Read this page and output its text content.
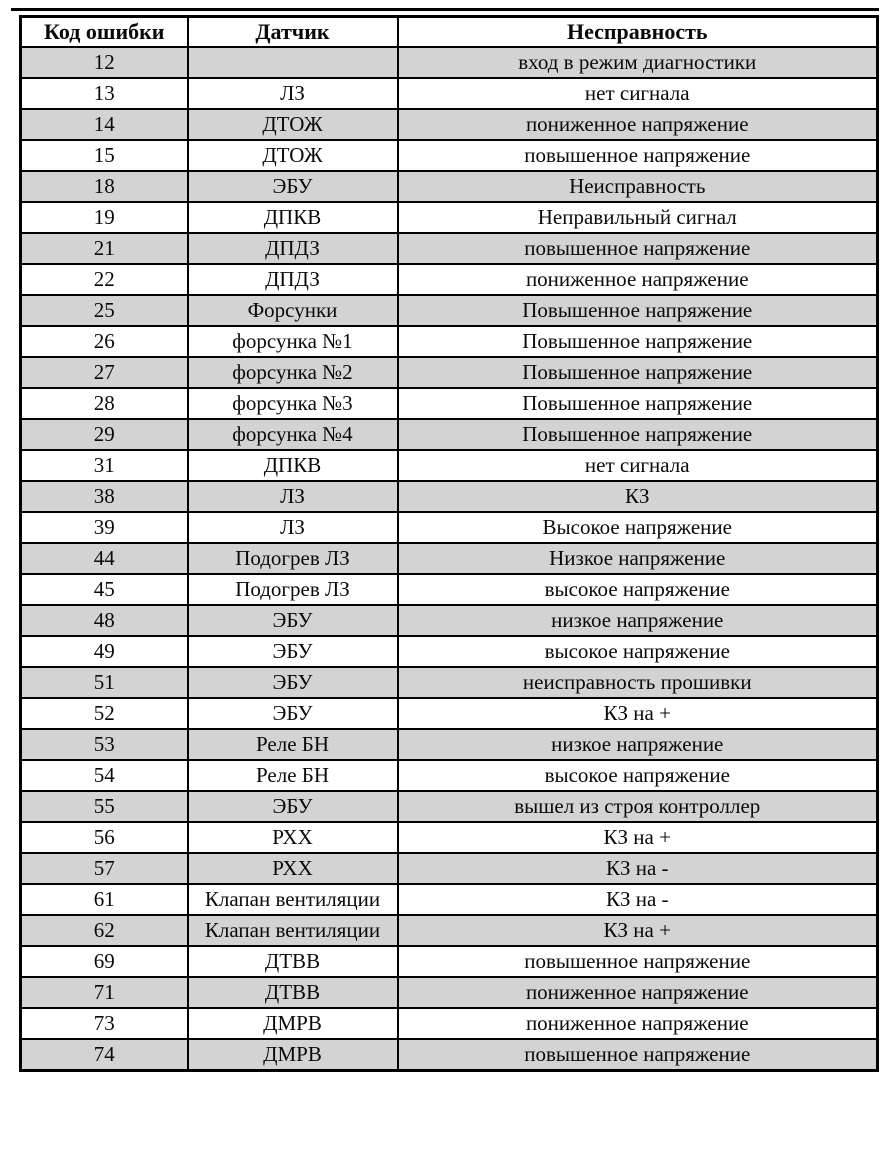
Код ошибки	Датчик	Несправность
12		вход в режим диагностики
13	ЛЗ	нет сигнала
14	ДТОЖ	пониженное напряжение
15	ДТОЖ	повышенное напряжение
18	ЭБУ	Неисправность
19	ДПКВ	Неправильный сигнал
21	ДПДЗ	повышенное напряжение
22	ДПДЗ	пониженное напряжение
25	Форсунки	Повышенное напряжение
26	форсунка №1	Повышенное напряжение
27	форсунка №2	Повышенное напряжение
28	форсунка №3	Повышенное напряжение
29	форсунка №4	Повышенное напряжение
31	ДПКВ	нет сигнала
38	ЛЗ	КЗ
39	ЛЗ	Высокое напряжение
44	Подогрев ЛЗ	Низкое напряжение
45	Подогрев ЛЗ	высокое напряжение
48	ЭБУ	низкое напряжение
49	ЭБУ	высокое напряжение
51	ЭБУ	неисправность прошивки
52	ЭБУ	КЗ на +
53	Реле БН	низкое напряжение
54	Реле БН	высокое напряжение
55	ЭБУ	вышел из строя контроллер
56	РХХ	КЗ на +
57	РХХ	КЗ на -
61	Клапан вентиляции	КЗ на -
62	Клапан вентиляции	КЗ на +
69	ДТВВ	повышенное напряжение
71	ДТВВ	пониженное напряжение
73	ДМРВ	пониженное напряжение
74	ДМРВ	повышенное напряжение
